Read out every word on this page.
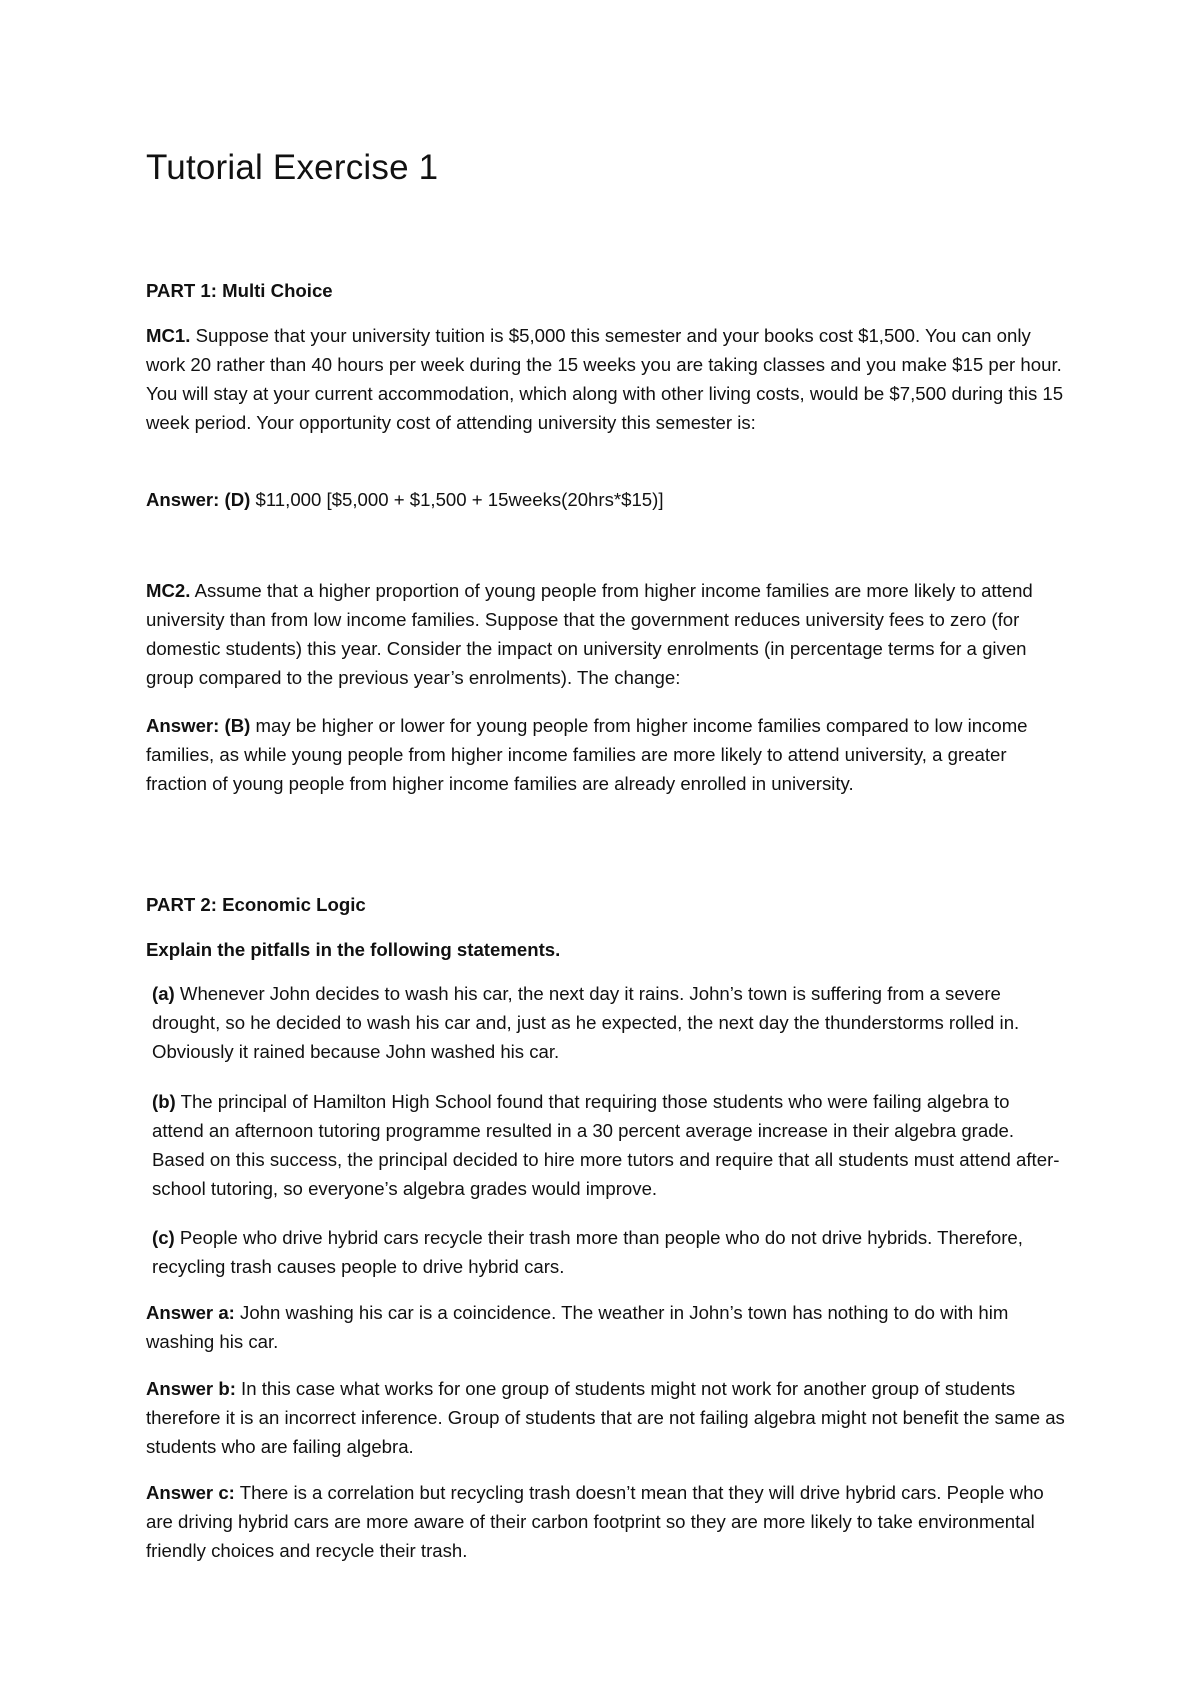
Tutorial Exercise 1

PART 1: Multi Choice

MC1. Suppose that your university tuition is $5,000 this semester and your books cost $1,500. You can only work 20 rather than 40 hours per week during the 15 weeks you are taking classes and you make $15 per hour. You will stay at your current accommodation, which along with other living costs, would be $7,500 during this 15 week period. Your opportunity cost of attending university this semester is:

Answer: (D) $11,000 [$5,000 + $1,500 + 15weeks(20hrs*$15)]

MC2. Assume that a higher proportion of young people from higher income families are more likely to attend university than from low income families. Suppose that the government reduces university fees to zero (for domestic students) this year. Consider the impact on university enrolments (in percentage terms for a given group compared to the previous year’s enrolments). The change:

Answer: (B) may be higher or lower for young people from higher income families compared to low income families, as while young people from higher income families are more likely to attend university, a greater fraction of young people from higher income families are already enrolled in university.

PART 2: Economic Logic

Explain the pitfalls in the following statements.

(a) Whenever John decides to wash his car, the next day it rains. John’s town is suffering from a severe drought, so he decided to wash his car and, just as he expected, the next day the thunderstorms rolled in. Obviously it rained because John washed his car.

(b) The principal of Hamilton High School found that requiring those students who were failing algebra to attend an afternoon tutoring programme resulted in a 30 percent average increase in their algebra grade. Based on this success, the principal decided to hire more tutors and require that all students must attend after-school tutoring, so everyone’s algebra grades would improve.

(c) People who drive hybrid cars recycle their trash more than people who do not drive hybrids. Therefore, recycling trash causes people to drive hybrid cars.

Answer a: John washing his car is a coincidence. The weather in John’s town has nothing to do with him washing his car.

Answer b: In this case what works for one group of students might not work for another group of students therefore it is an incorrect inference. Group of students that are not failing algebra might not benefit the same as students who are failing algebra.

Answer c: There is a correlation but recycling trash doesn’t mean that they will drive hybrid cars. People who are driving hybrid cars are more aware of their carbon footprint so they are more likely to take environmental friendly choices and recycle their trash.
